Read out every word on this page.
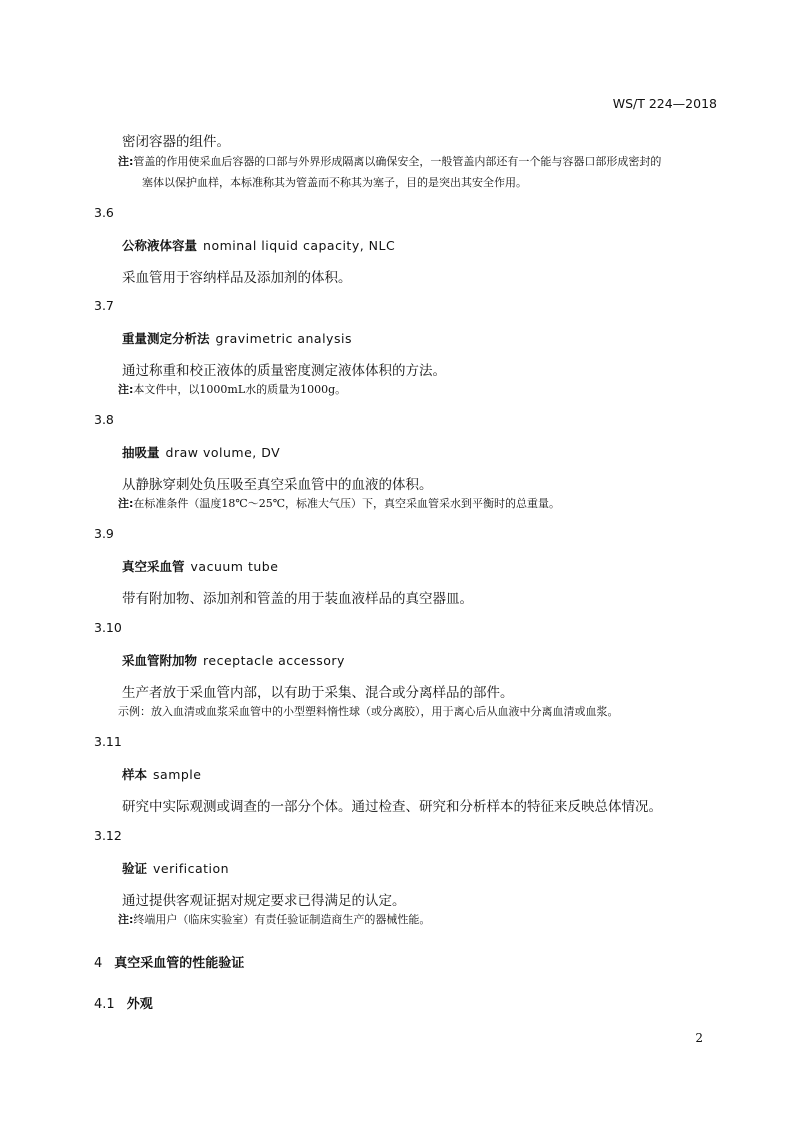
WS/T 224—2018
密闭容器的组件。
注:管盖的作用使采血后容器的口部与外界形成隔离以确保安全，一般管盖内部还有一个能与容器口部形成密封的
塞体以保护血样，本标准称其为管盖而不称其为塞子，目的是突出其安全作用。
3.6
公称液体容量 nominal liquid capacity, NLC
采血管用于容纳样品及添加剂的体积。
3.7
重量测定分析法 gravimetric analysis
通过称重和校正液体的质量密度测定液体体积的方法。
注:本文件中，以1000mL水的质量为1000g。
3.8
抽吸量 draw volume, DV
从静脉穿刺处负压吸至真空采血管中的血液的体积。
注:在标准条件（温度18℃～25℃，标准大气压）下，真空采血管采水到平衡时的总重量。
3.9
真空采血管 vacuum tube
带有附加物、添加剂和管盖的用于装血液样品的真空器皿。
3.10
采血管附加物 receptacle accessory
生产者放于采血管内部，以有助于采集、混合或分离样品的部件。
示例：放入血清或血浆采血管中的小型塑料惰性球（或分离胶），用于离心后从血液中分离血清或血浆。
3.11
样本 sample
研究中实际观测或调查的一部分个体。通过检查、研究和分析样本的特征来反映总体情况。
3.12
验证 verification
通过提供客观证据对规定要求已得满足的认定。
注:终端用户（临床实验室）有责任验证制造商生产的器械性能。
4 真空采血管的性能验证
4.1 外观
2
